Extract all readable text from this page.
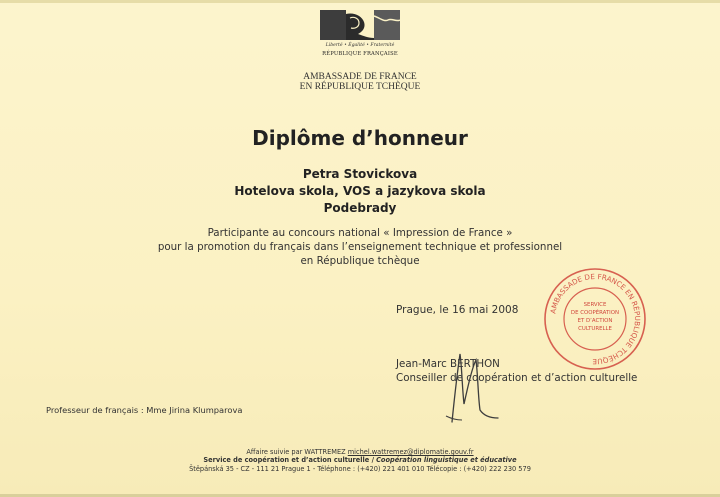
Liberté • Égalité • Fraternité
RÉPUBLIQUE FRANÇAISE
AMBASSADE DE FRANCE
EN RÉPUBLIQUE TCHÈQUE
Diplôme d’honneur
Petra Stovickova
Hotelova skola, VOS a jazykova skola
Podebrady
Participante au concours national « Impression de France »
pour la promotion du français dans l’enseignement technique et professionnel
en République tchèque
Prague, le 16 mai 2008	AMBASSADE DE FRANCE EN RÉPUBLIQUE TCHÈQUE
SERVICE
DE COOPÉRATION
ET D’ACTION
CULTURELLE
Jean-Marc BERTHON
Conseiller de coopération et d’action culturelle
Professeur de français : Mme Jirina Klumparova
Affaire suivie par WATTREMEZ michel.wattremez@diplomatie.gouv.fr
Service de coopération et d’action culturelle / Coopération linguistique et éducative
Štěpánská 35 - CZ - 111 21 Prague 1 - Téléphone : (+420) 221 401 010 Télécopie : (+420) 222 230 579
